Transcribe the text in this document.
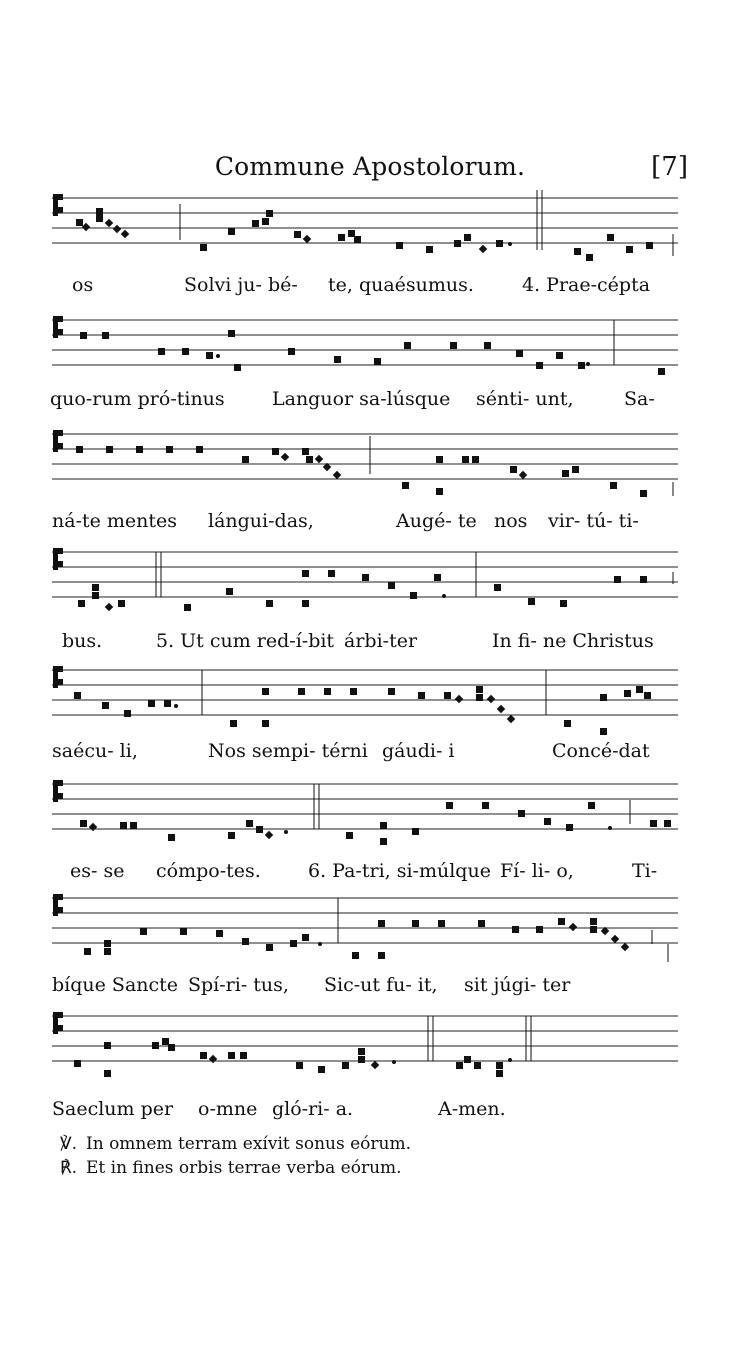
Commune Apostolorum.	[7]
os	Solvi ju- bé- te, quaésumus.	4. Prae-cépta
quo-rum pró-tinus Languor sa-lúsque sénti- unt,	Sa-
ná-te mentes lángui-das,	Augé- te nos vir- tú- ti-
bus.	5. Ut cum red-í-bit árbi-ter	In fi- ne Christus
saécu- li,	Nos sempi- térni gáudi- i	Concé-dat
es- se cómpo-tes. 6. Pa-tri, si-múlque Fí- li- o,	Ti-
bíque Sancte Spí-ri- tus, Sic-ut fu- it, sit júgi- ter
Saeclum per o-mne gló-ri- a.	A-men.
℣. In omnem terram exívit sonus eórum.
℟. Et in fines orbis terrae verba eórum.
